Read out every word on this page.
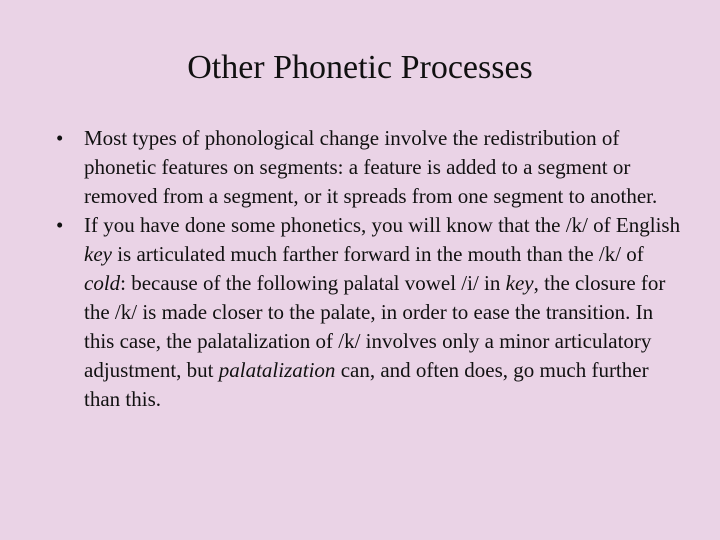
Other Phonetic Processes
• Most types of phonological change involve the redistribution of phonetic features on segments: a feature is added to a segment or removed from a segment, or it spreads from one segment to another.
• If you have done some phonetics, you will know that the /k/ of English key is articulated much farther forward in the mouth than the /k/ of cold: because of the following palatal vowel /i/ in key, the closure for the /k/ is made closer to the palate, in order to ease the transition. In this case, the palatalization of /k/ involves only a minor articulatory adjustment, but palatalization can, and often does, go much further than this.
